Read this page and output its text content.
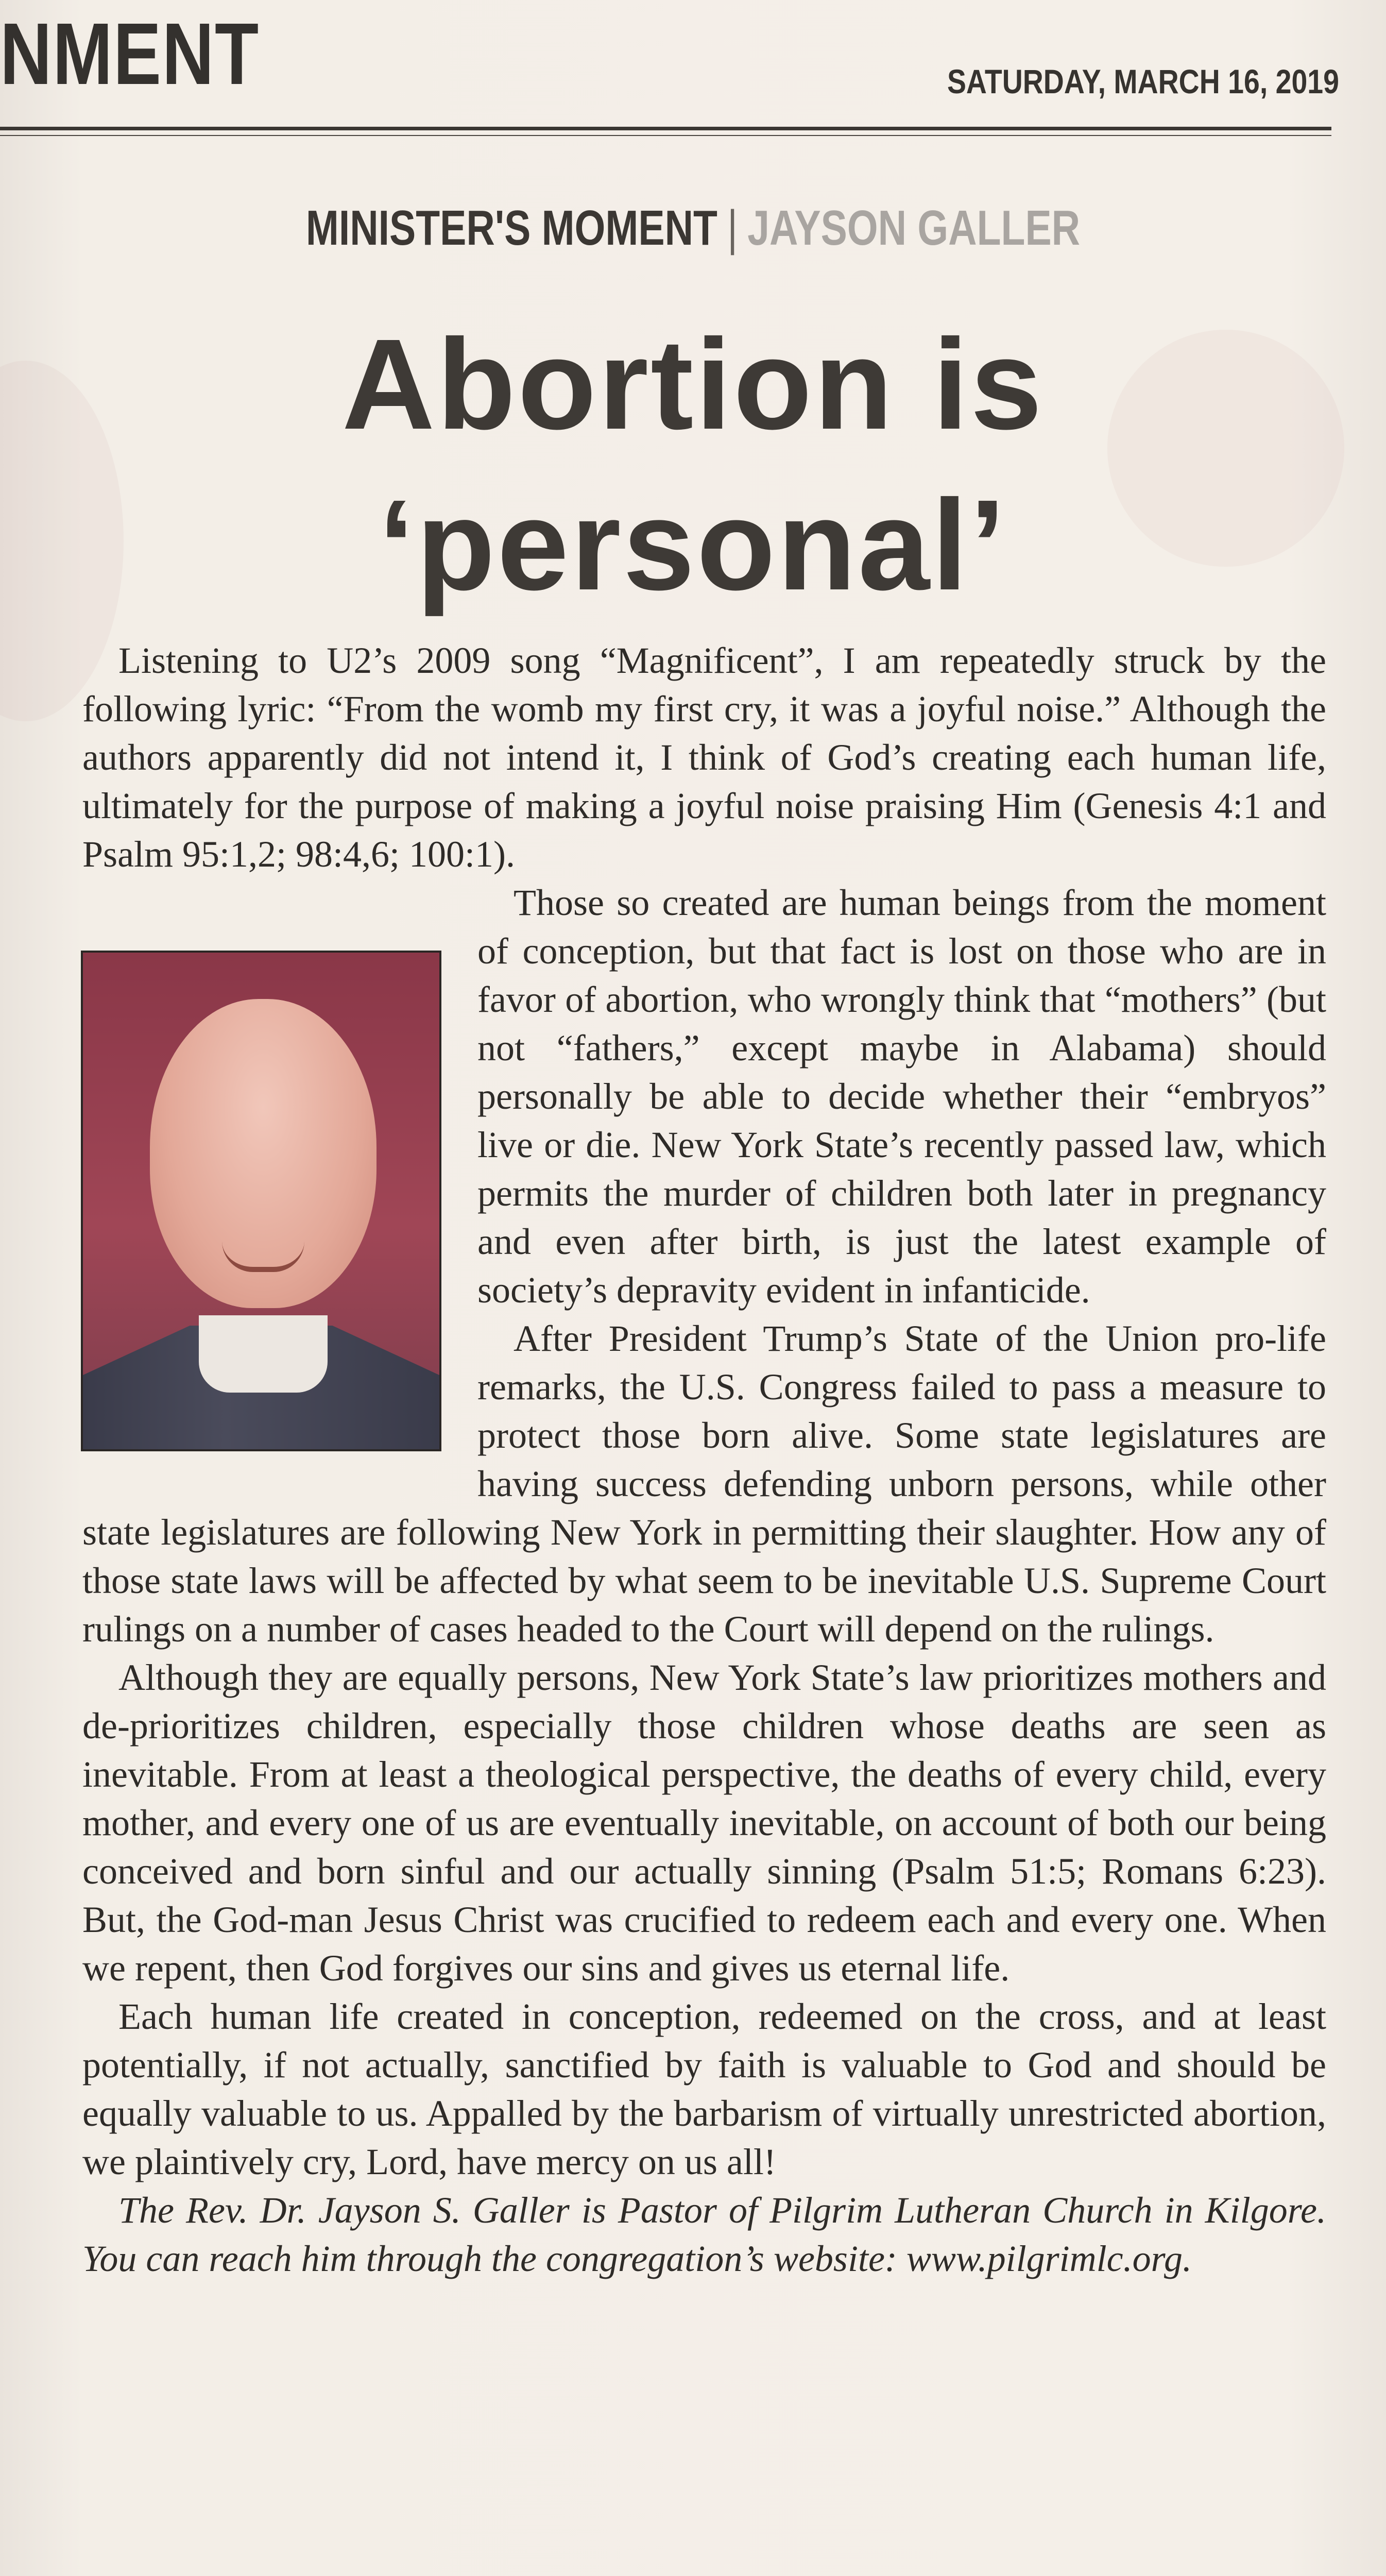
NMENT	SATURDAY, MARCH 16, 2019
MINISTER'S MOMENT | JAYSON GALLER
Abortion is
‘personal’

Listening to U2’s 2009 song “Magnificent”, I am repeatedly struck by the following lyric: “From the womb my first cry, it was a joyful noise.” Although the authors apparently did not intend it, I think of God’s creating each human life, ultimately for the purpose of making a joyful noise praising Him (Genesis 4:1 and Psalm 95:1,2; 98:4,6; 100:1).

Those so created are human beings from the moment of conception, but that fact is lost on those who are in favor of abortion, who wrongly think that “mothers” (but not “fathers,” except maybe in Alabama) should personally be able to decide whether their “embryos” live or die. New York State’s recently passed law, which permits the murder of children both later in pregnancy and even after birth, is just the latest example of society’s depravity evident in infanticide.

After President Trump’s State of the Union pro-life remarks, the U.S. Congress failed to pass a measure to protect those born alive. Some state legislatures are having success defending unborn persons, while other state legislatures are following New York in permitting their slaughter. How any of those state laws will be affected by what seem to be inevitable U.S. Supreme Court rulings on a number of cases headed to the Court will depend on the rulings.

Although they are equally persons, New York State’s law prioritizes mothers and de-prioritizes children, especially those children whose deaths are seen as inevitable. From at least a theological perspective, the deaths of every child, every mother, and every one of us are eventually inevitable, on account of both our being conceived and born sinful and our actually sinning (Psalm 51:5; Romans 6:23). But, the God-man Jesus Christ was crucified to redeem each and every one. When we repent, then God forgives our sins and gives us eternal life.

Each human life created in conception, redeemed on the cross, and at least potentially, if not actually, sanctified by faith is valuable to God and should be equally valuable to us. Appalled by the barbarism of virtually unrestricted abortion, we plaintively cry, Lord, have mercy on us all!

The Rev. Dr. Jayson S. Galler is Pastor of Pilgrim Lutheran Church in Kilgore. You can reach him through the congregation’s website: www.pilgrimlc.org.
